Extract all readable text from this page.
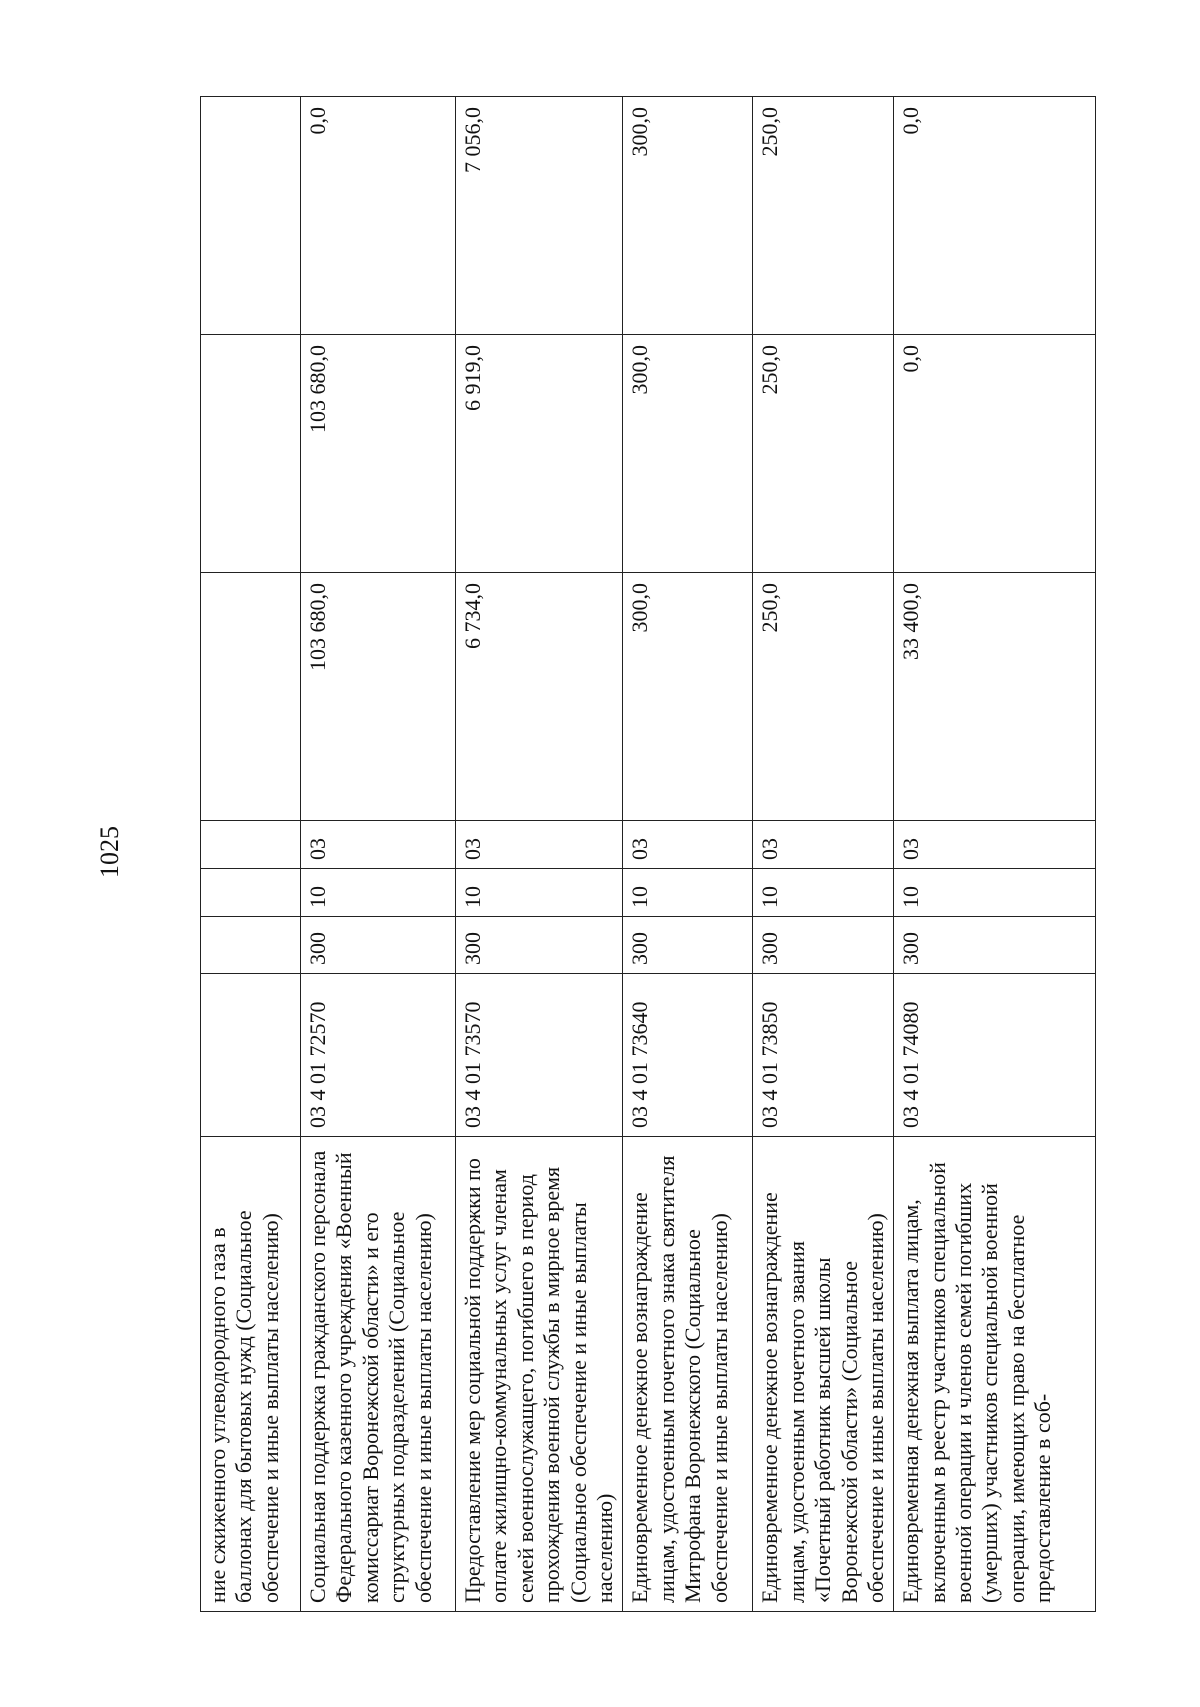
1025
ние сжиженного углеводородного газа в баллонах для бытовых нужд (Социальное обеспечение и иные выплаты населению)							
Социальная поддержка гражданского персонала Федерального казенного учреждения «Военный комиссариат Воронежской области» и его структурных подразделений (Социальное обеспечение и иные выплаты населению)	03 4 01 72570	300	10	03	103 680,0	103 680,0	0,0
Предоставление мер социальной поддержки по оплате жилищно-коммунальных услуг членам семей военнослужащего, погибшего в период прохождения военной службы в мирное время (Социальное обеспечение и иные выплаты населению)	03 4 01 73570	300	10	03	6 734,0	6 919,0	7 056,0
Единовременное денежное вознаграждение лицам, удостоенным почетного знака святителя Митрофана Воронежского (Социальное обеспечение и иные выплаты населению)	03 4 01 73640	300	10	03	300,0	300,0	300,0
Единовременное денежное вознаграждение лицам, удостоенным почетного звания «Почетный работник высшей школы Воронежской области» (Социальное обеспечение и иные выплаты населению)	03 4 01 73850	300	10	03	250,0	250,0	250,0
Единовременная денежная выплата лицам, включенным в реестр участников специальной военной операции и членов семей погибших (умерших) участников специальной военной операции, имеющих право на бесплатное предоставление в соб-	03 4 01 74080	300	10	03	33 400,0	0,0	0,0
